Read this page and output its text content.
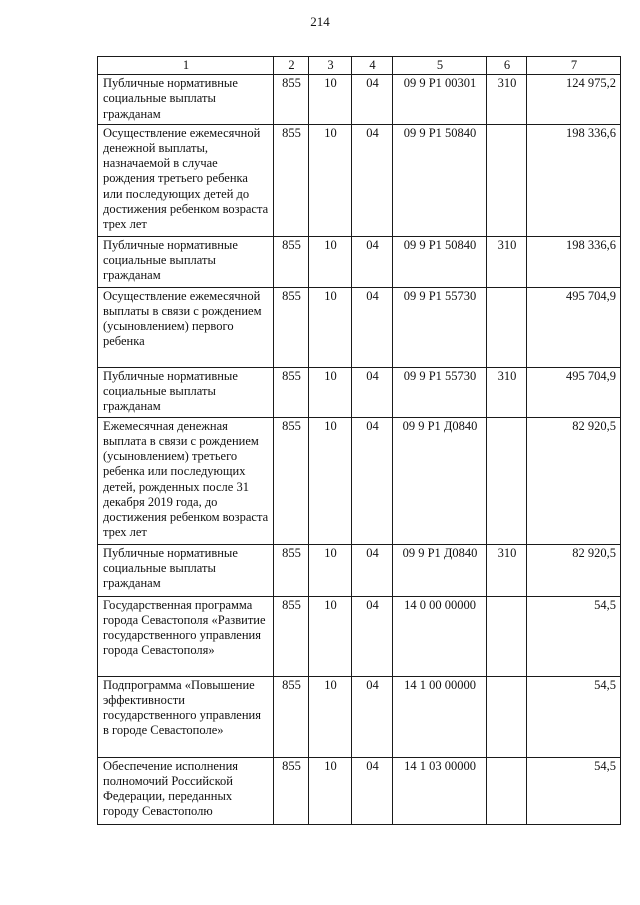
214
1	2	3	4	5	6	7
Публичные нормативные социальные выплаты гражданам	855	10	04	09 9 P1 00301	310	124 975,2
Осуществление ежемесячной денежной выплаты, назначаемой в случае рождения третьего ребенка или последующих детей до достижения ребенком возраста трех лет	855	10	04	09 9 P1 50840		198 336,6
Публичные нормативные социальные выплаты гражданам	855	10	04	09 9 P1 50840	310	198 336,6
Осуществление ежемесячной выплаты в связи с рождением (усыновлением) первого ребенка	855	10	04	09 9 P1 55730		495 704,9
Публичные нормативные социальные выплаты гражданам	855	10	04	09 9 P1 55730	310	495 704,9
Ежемесячная денежная выплата в связи с рождением (усыновлением) третьего ребенка или последующих детей, рожденных после 31 декабря 2019 года, до достижения ребенком возраста трех лет	855	10	04	09 9 P1 Д0840		82 920,5
Публичные нормативные социальные выплаты гражданам	855	10	04	09 9 P1 Д0840	310	82 920,5
Государственная программа города Севастополя «Развитие государственного управления города Севастополя»	855	10	04	14 0 00 00000		54,5
Подпрограмма «Повышение эффективности государственного управления в городе Севастополе»	855	10	04	14 1 00 00000		54,5
Обеспечение исполнения полномочий Российской Федерации, переданных городу Севастополю	855	10	04	14 1 03 00000		54,5
